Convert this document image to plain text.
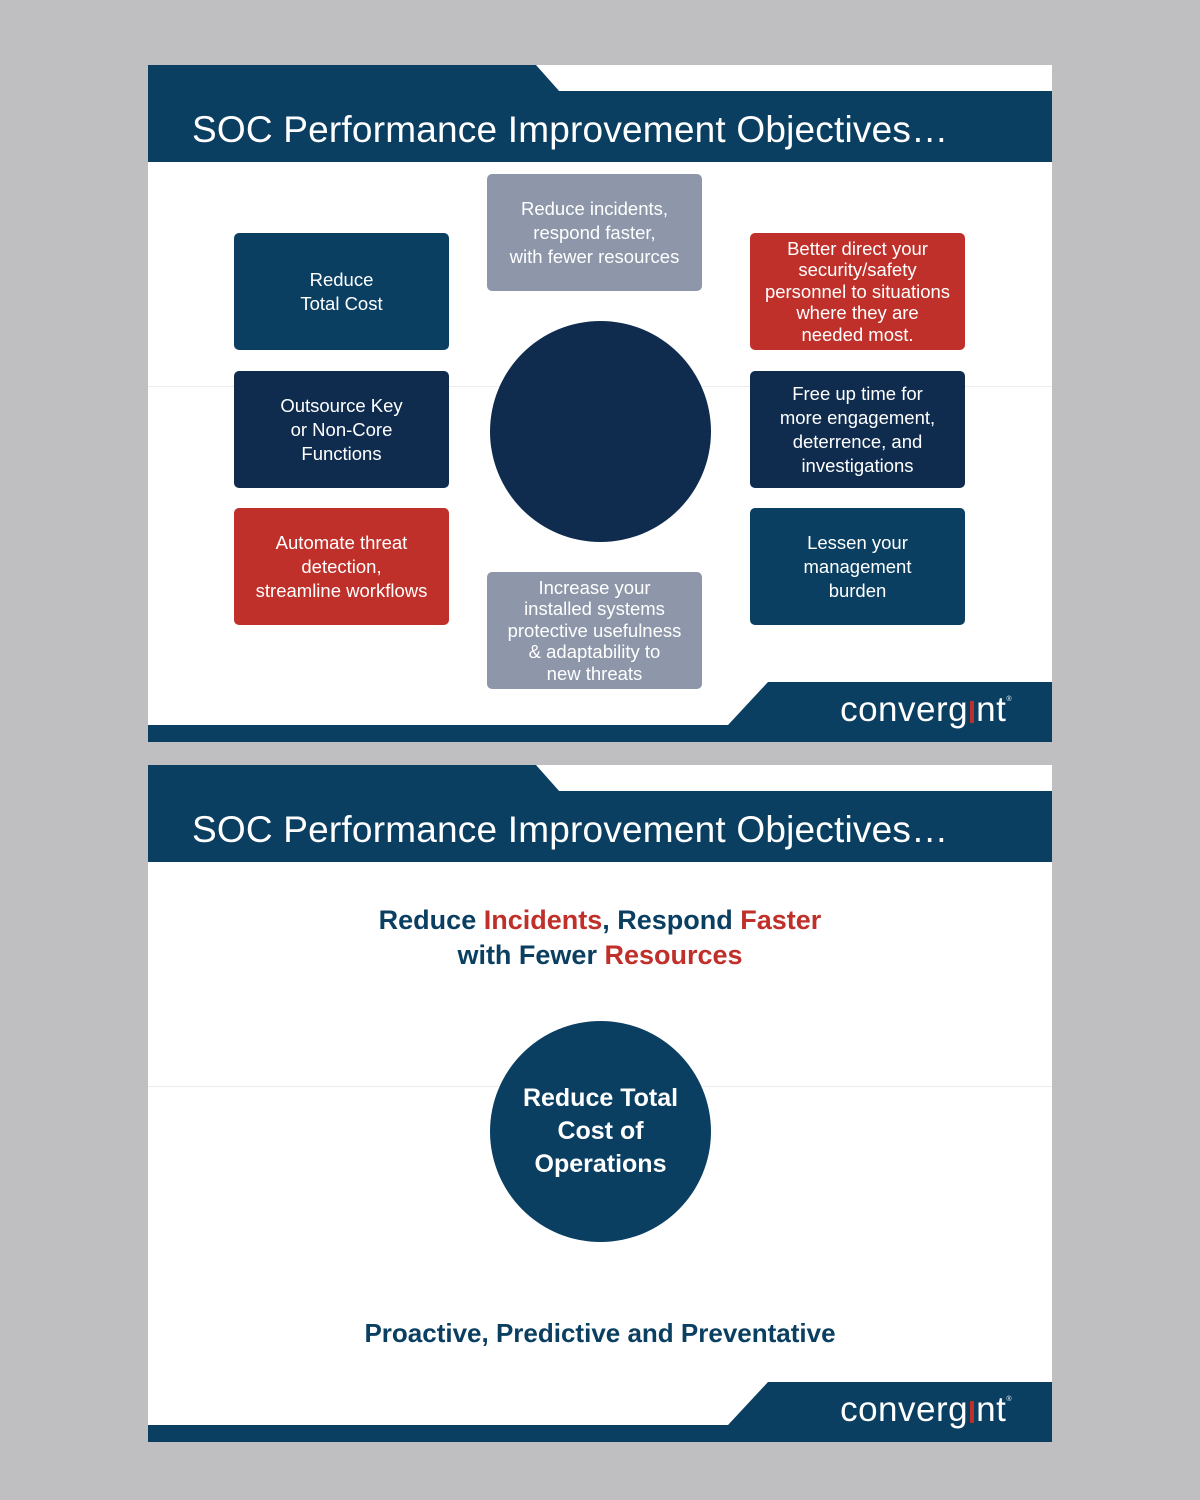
SOC Performance Improvement Objectives…
Reduce incidents,
respond faster,
with fewer resources
Reduce
Total Cost
Outsource Key
or Non-Core
Functions
Automate threat
detection,
streamline workflows	Increase your
installed systems
protective usefulness
& adaptability to
new threats
Better direct your
security/safety
personnel to situations
where they are
needed most.
Free up time for
more engagement,
deterrence, and
investigations
Lessen your
management
burden
converg nt®
SOC Performance Improvement Objectives…
Reduce Incidents, Respond Faster
with Fewer Resources
Reduce Total
Cost of
Operations
Proactive, Predictive and Preventative
converg nt®
